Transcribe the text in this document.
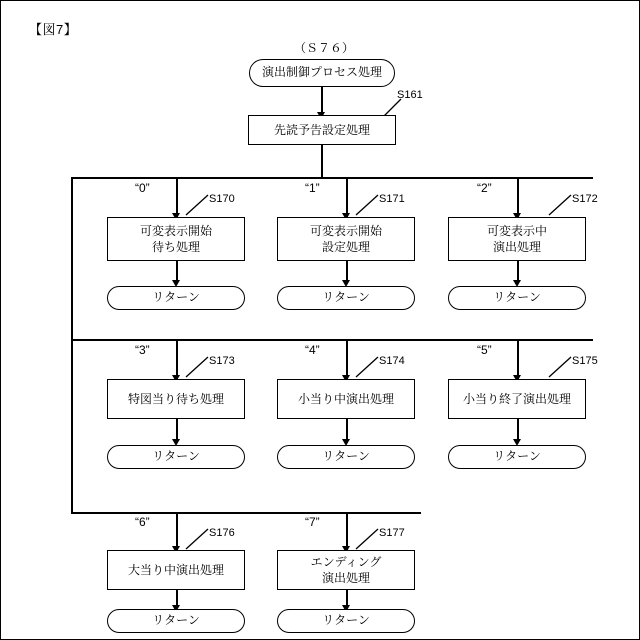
【図7】
（Ｓ７６）
演出制御プロセス処理
S161
先読予告設定処理
“0”
S170
可変表示開始
待ち処理
リターン
“1”
S171
可変表示開始
設定処理
リターン
“2”
S172
可変表示中
演出処理
リターン
“3”
S173
特図当り待ち処理
リターン
“4”
S174
小当り中演出処理
リターン
“5”
S175
小当り終了演出処理
リターン
“6”
S176
大当り中演出処理
リターン
“7”
S177
エンディング
演出処理
リターン
